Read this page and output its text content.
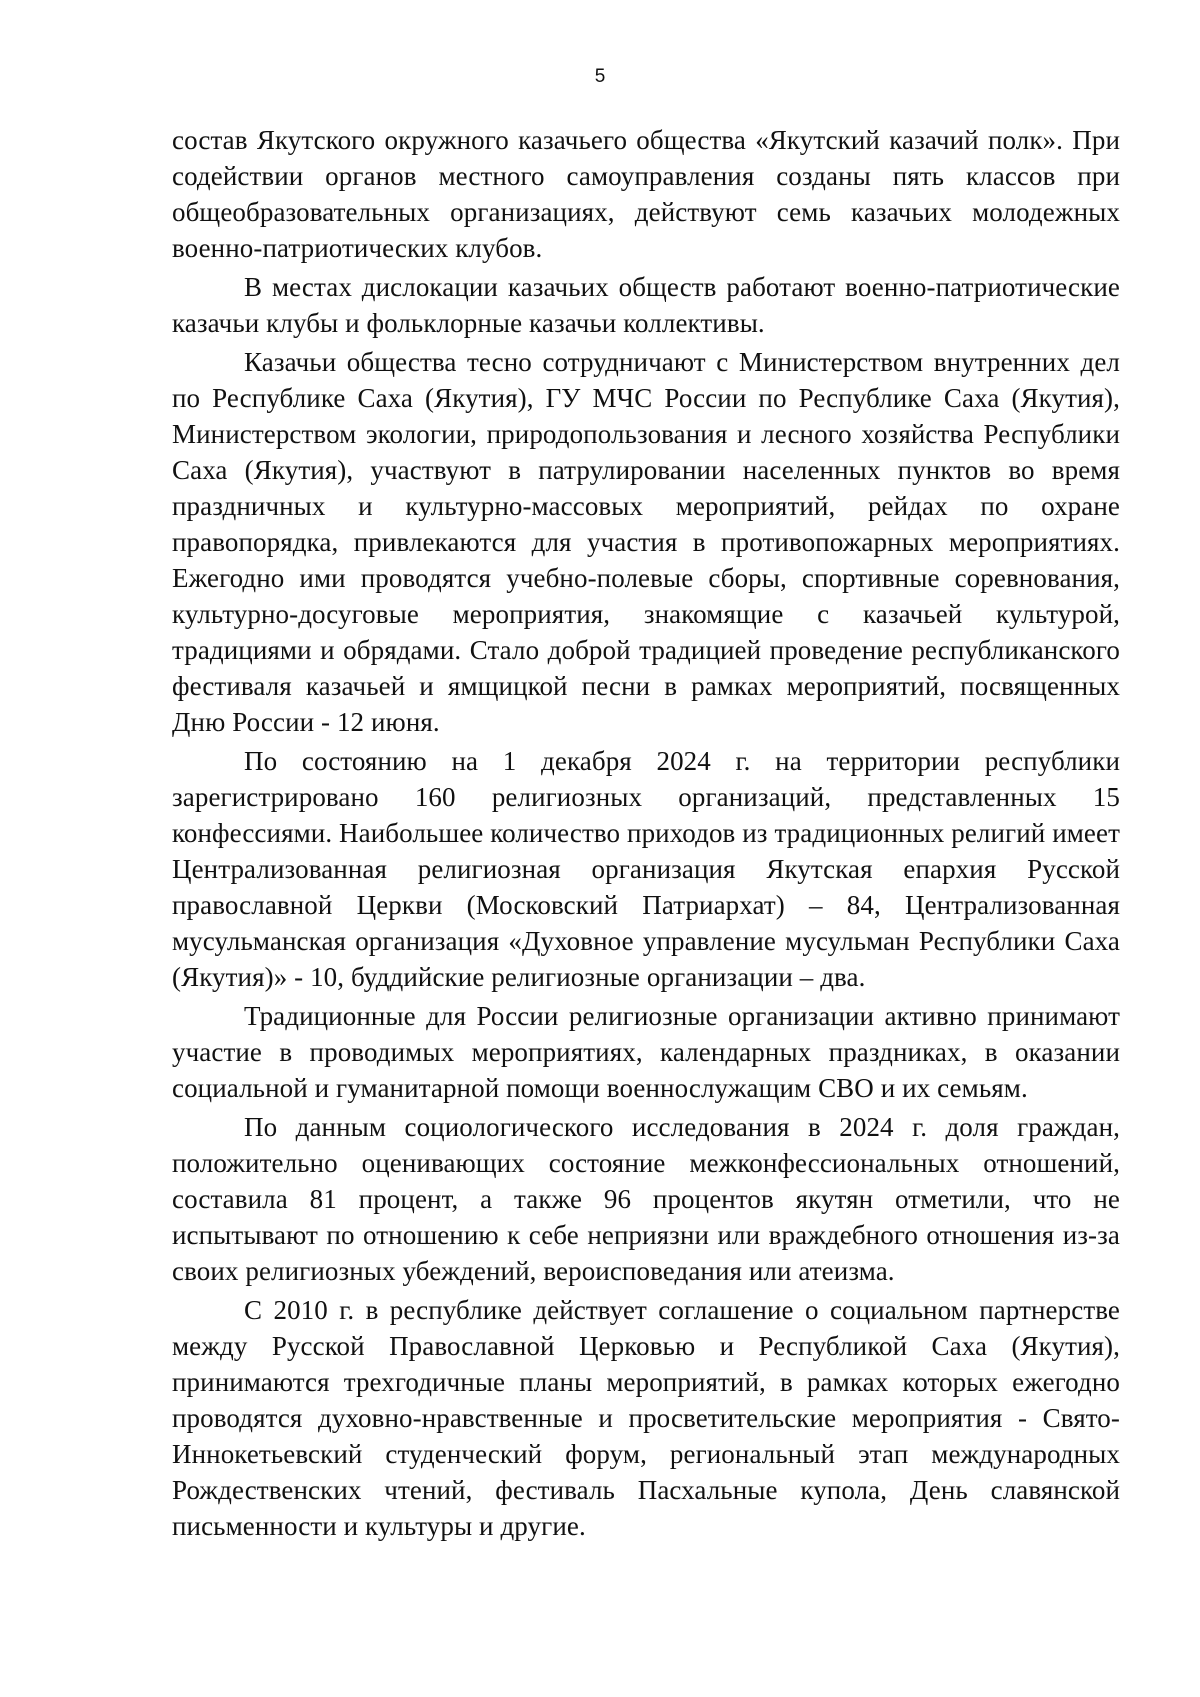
5

состав Якутского окружного казачьего общества «Якутский казачий полк». При содействии органов местного самоуправления созданы пять классов при общеобразовательных организациях, действуют семь казачьих молодежных военно-патриотических клубов.

В местах дислокации казачьих обществ работают военно-патриотические казачьи клубы и фольклорные казачьи коллективы.

Казачьи общества тесно сотрудничают с Министерством внутренних дел по Республике Саха (Якутия), ГУ МЧС России по Республике Саха (Якутия), Министерством экологии, природопользования и лесного хозяйства Республики Саха (Якутия), участвуют в патрулировании населенных пунктов во время праздничных и культурно-массовых мероприятий, рейдах по охране правопорядка, привлекаются для участия в противопожарных мероприятиях. Ежегодно ими проводятся учебно-полевые сборы, спортивные соревнования, культурно-досуговые мероприятия, знакомящие с казачьей культурой, традициями и обрядами. Стало доброй традицией проведение республиканского фестиваля казачьей и ямщицкой песни в рамках мероприятий, посвященных Дню России - 12 июня.

По состоянию на 1 декабря 2024 г. на территории республики зарегистрировано 160 религиозных организаций, представленных 15 конфессиями. Наибольшее количество приходов из традиционных религий имеет Централизованная религиозная организация Якутская епархия Русской православной Церкви (Московский Патриархат) – 84, Централизованная мусульманская организация «Духовное управление мусульман Республики Саха (Якутия)» - 10, буддийские религиозные организации – два.

Традиционные для России религиозные организации активно принимают участие в проводимых мероприятиях, календарных праздниках, в оказании социальной и гуманитарной помощи военнослужащим СВО и их семьям.

По данным социологического исследования в 2024 г. доля граждан, положительно оценивающих состояние межконфессиональных отношений, составила 81 процент, а также 96 процентов якутян отметили, что не испытывают по отношению к себе неприязни или враждебного отношения из-за своих религиозных убеждений, вероисповедания или атеизма.

С 2010 г. в республике действует соглашение о социальном партнерстве между Русской Православной Церковью и Республикой Саха (Якутия), принимаются трехгодичные планы мероприятий, в рамках которых ежегодно проводятся духовно-нравственные и просветительские мероприятия - Свято-Иннокетьевский студенческий форум, региональный этап международных Рождественских чтений, фестиваль Пасхальные купола, День славянской письменности и культуры и другие.
